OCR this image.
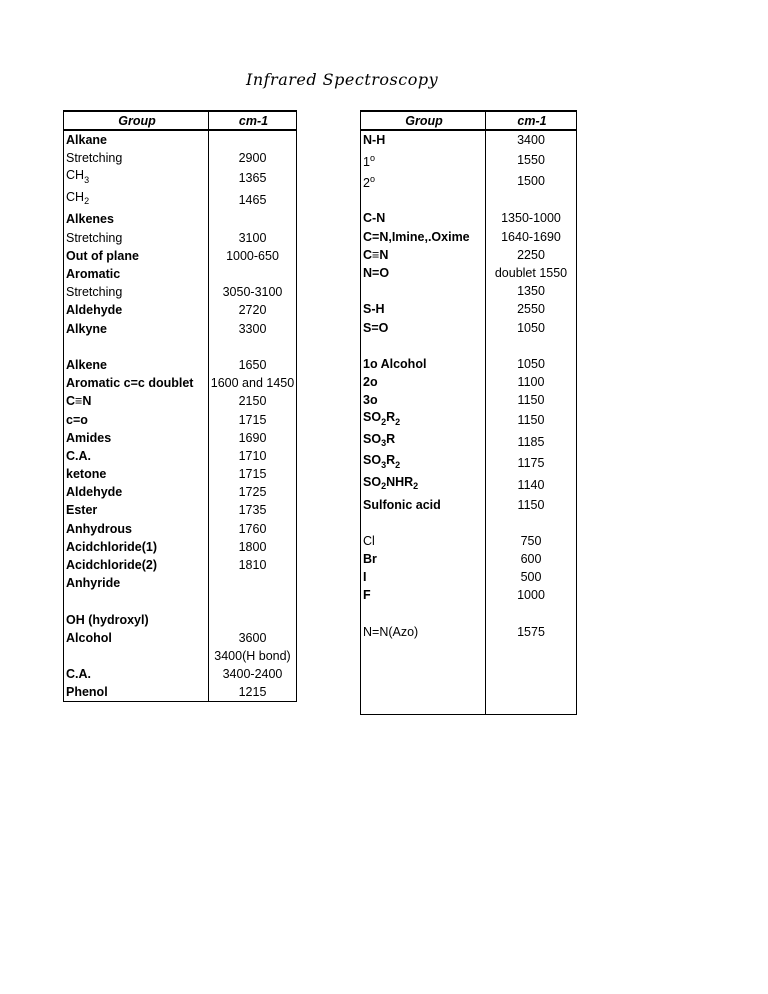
Infrared Spectroscopy
Group	cm-1
Alkane	
Stretching	2900
$CH_3$	1365
$CH_2$	1465
Alkenes	
Stretching	3100
Out of plane	1000-650
Aromatic	
Stretching	3050-3100
Aldehyde	2720
Alkyne	3300

Alkene	1650
Aromatic c=c doublet	1600 and 1450
C≡N	2150
c=o	1715
Amides	1690
C.A.	1710
ketone	1715
Aldehyde	1725
Ester	1735
Anhydrous	1760
Acidchloride(1)	1800
Acidchloride(2)	1810
Anhyride	

OH (hydroxyl)	
Alcohol	3600
	3400(H bond)
C.A.	3400-2400
Phenol	1215
Group	cm-1
N-H	3400
1$^o$	1550
2$^o$	1500

C-N	1350-1000
C=N,Imine,.Oxime	1640-1690
C≡N	2250
N=O	doublet 1550
	1350
S-H	2550
S=O	1050

1o Alcohol	1050
2o	1100
3o	1150
$SO_2R_2$	1150
$SO_3R$	1185
$SO_3R_2$	1175
$SO_2NHR_2$	1140
Sulfonic acid	1150

Cl	750
Br	600
I	500
F	1000

N=N(Azo)	1575
